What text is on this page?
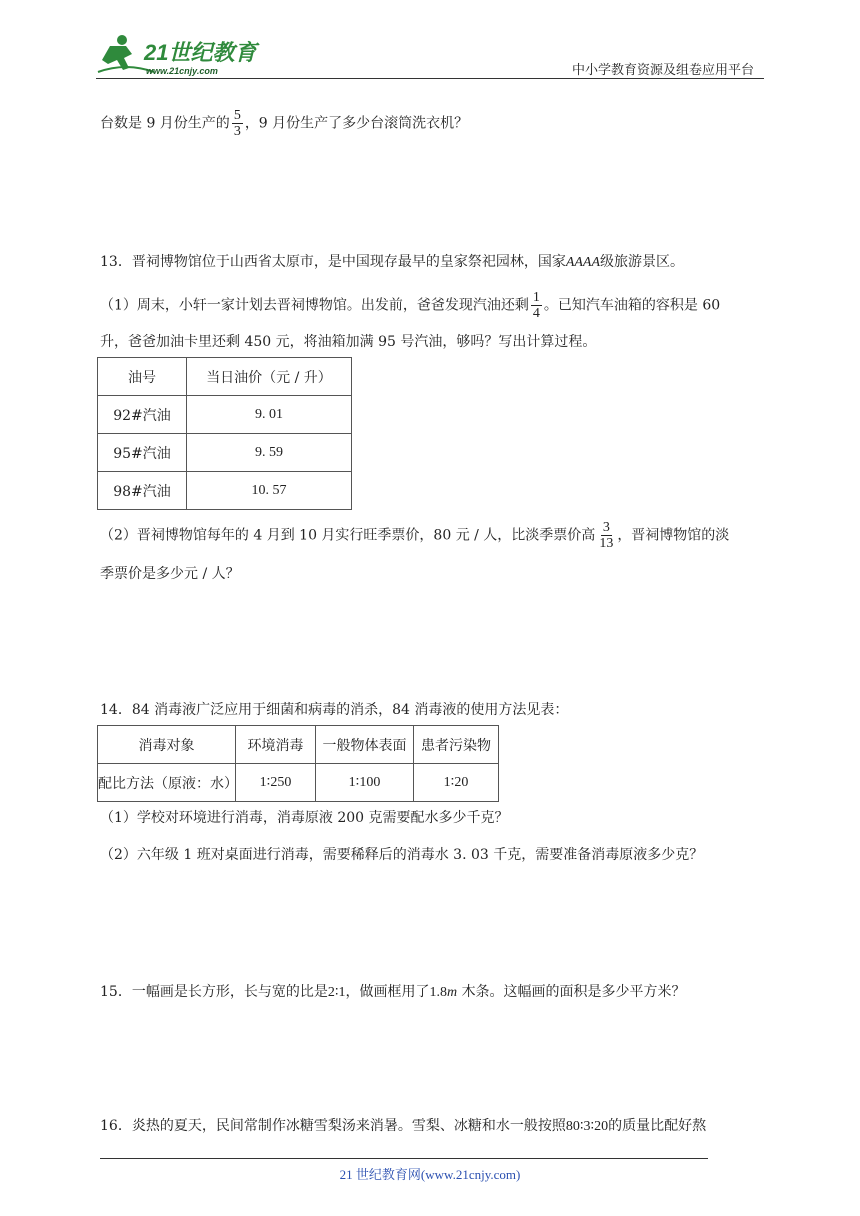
21世纪教育
www.21cnjy.com	中小学教育资源及组卷应用平台
台数是 9 月份生产的 $\frac{5}{3}$ ，9 月份生产了多少台滚筒洗衣机？
13．晋祠博物馆位于山西省太原市，是中国现存最早的皇家祭祀园林，国家AAAA级旅游景区。
（1）周末，小轩一家计划去晋祠博物馆。出发前，爸爸发现汽油还剩 $\frac{1}{4}$ 。已知汽车油箱的容积是 60
升，爸爸加油卡里还剩 450 元，将油箱加满 95 号汽油，够吗？写出计算过程。
油号	当日油价（元 / 升）
92#汽油	9. 01
95#汽油	9. 59
98#汽油	10. 57
（2）晋祠博物馆每年的 4 月到 10 月实行旺季票价，80 元 / 人，比淡季票价高 $\frac{3}{13}$ ，晋祠博物馆的淡
季票价是多少元 / 人？
14．84 消毒液广泛应用于细菌和病毒的消杀，84 消毒液的使用方法见表：
消毒对象	环境消毒	一般物体表面	患者污染物
配比方法（原液：水）	1∶250	1∶100	1∶20
（1）学校对环境进行消毒，消毒原液 200 克需要配水多少千克？
（2）六年级 1 班对桌面进行消毒，需要稀释后的消毒水 3. 03 千克，需要准备消毒原液多少克？
15．一幅画是长方形，长与宽的比是2∶1，做画框用了1.8m 木条。这幅画的面积是多少平方米？
16．炎热的夏天，民间常制作冰糖雪梨汤来消暑。雪梨、冰糖和水一般按照80∶3∶20的质量比配好熬
21 世纪教育网(www.21cnjy.com)
